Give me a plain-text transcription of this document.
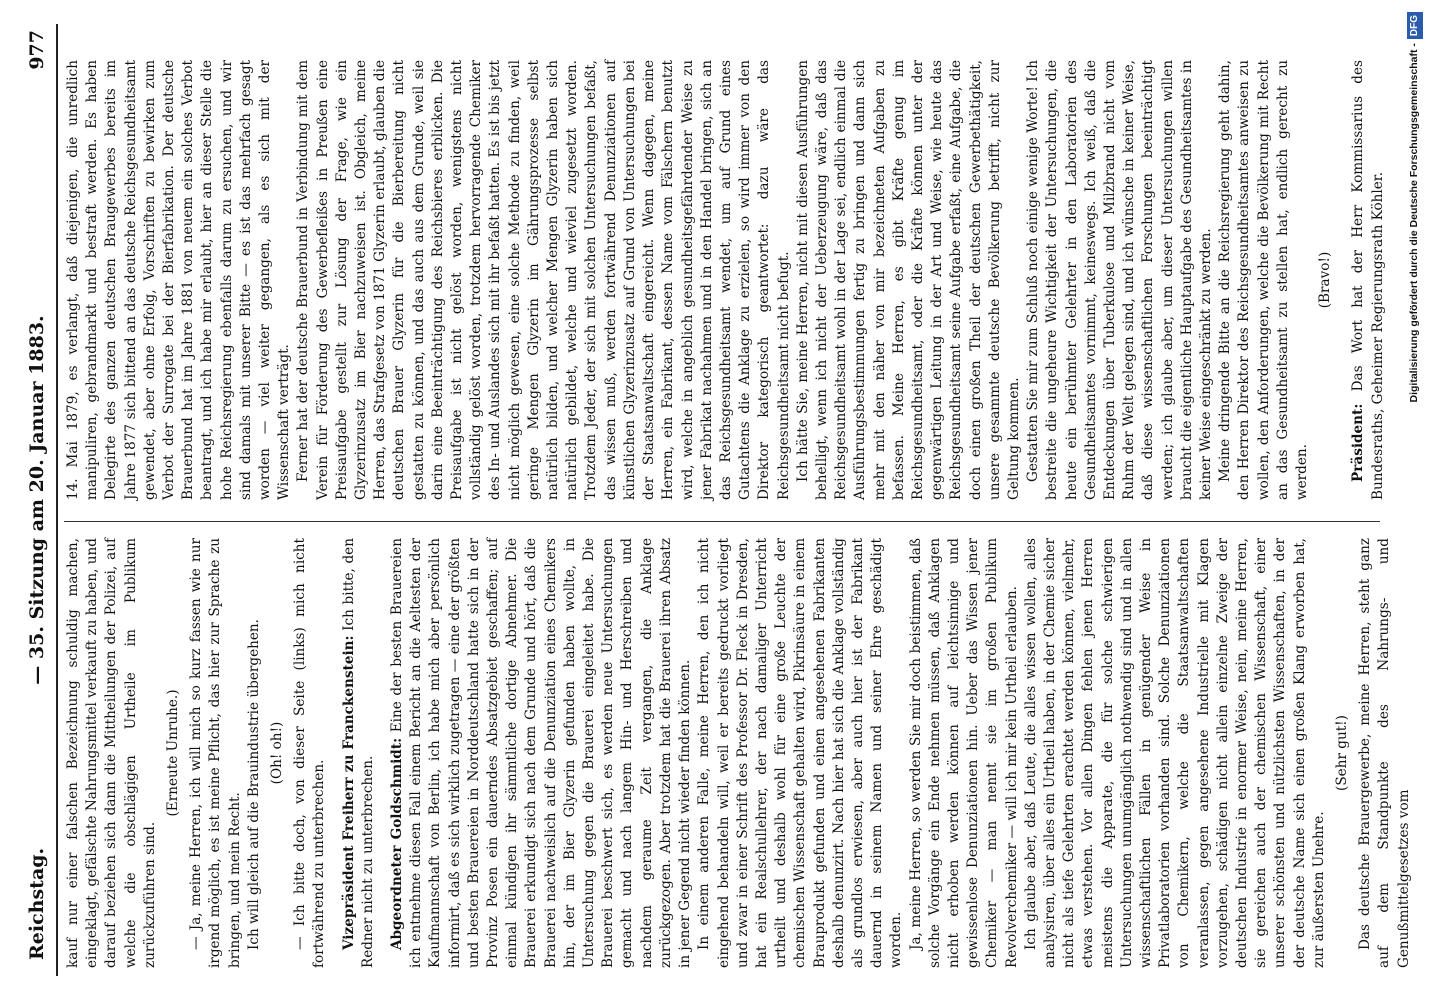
Reichstag.
— 35. Sitzung am 20. Januar 1883.
977

kauf nur einer falschen Bezeichnung schuldig machen, eingeklagt, gefälschte Nahrungsmittel verkauft zu haben, und darauf beziehen sich dann die Mittheilungen der Polizei, auf welche die obschlägigen Urtheile im Publikum zurückzuführen sind.

(Erneute Unruhe.) — Ja, meine Herren, ich will mich so kurz fassen wie nur irgend möglich, es ist meine Pflicht, das hier zur Sprache zu bringen, und mein Recht. Ich will gleich auf die Brauindustrie übergehen. (Oh! oh!) — Ich bitte doch, von dieser Seite (links) mich nicht fortwährend zu unterbrechen. Vizepräsident Freiherr zu Franckenstein: Ich bitte, den Redner nicht zu unterbrechen. Abgeordneter Goldschmidt: Eine der besten Brauereien ich entnehme diesen Fall einem Bericht an die Aeltesten der Kaufmannschaft von Berlin, ich habe mich aber persönlich informirt, daß es sich wirklich zugetragen — eine der größten und besten Brauereien in Norddeutschland hatte sich in der Provinz Posen ein dauerndes Absatzgebiet geschaffen; auf einmal kündigen ihr sämmtliche dortige Abnehmer. Die Brauerei erkundigt sich nach dem Grunde und hört, daß die Brauerei nachweislich auf die Denunziation eines Chemikers hin, der im Bier Glyzerin gefunden haben wollte, in Untersuchung gegen die Brauerei eingeleitet habe. Die Brauerei beschwert sich, es werden neue Untersuchungen gemacht und nach langem Hin- und Herschreiben und nachdem geraume Zeit vergangen, die Anklage zurückgezogen. Aber trotzdem hat die Brauerei ihren Absatz in jener Gegend nicht wieder finden können. In einem anderen Falle, meine Herren, den ich nicht eingehend behandeln will, weil er bereits gedruckt vorliegt und zwar in einer Schrift des Professor Dr. Fleck in Dresden, hat ein Realschullehrer, der nach damaliger Unterricht urtheilt und deshalb wohl für eine große Leuchte der chemischen Wissenschaft gehalten wird, Pikrinsäure in einem Brauprodukt gefunden und einen angesehenen Fabrikanten deshalb denunzirt. Nach hier hat sich die Anklage vollständig als grundlos erwiesen, aber auch hier ist der Fabrikant dauernd in seinem Namen und seiner Ehre geschädigt worden. Ja, meine Herren, so werden Sie mir doch beistimmen, daß solche Vorgänge ein Ende nehmen müssen, daß Anklagen nicht erhoben werden können auf leichtsinnige und gewissenlose Denunziationen hin. Ueber das Wissen jener Chemiker — man nennt sie im großen Publikum Revolverchemiker — will ich mir kein Urtheil erlauben. Ich glaube aber, daß Leute, die alles wissen wollen, alles analysiren, über alles ein Urtheil haben, in der Chemie sicher nicht als tiefe Gelehrten erachtet werden können, vielmehr, etwas verstehen. Vor allen Dingen fehlen jenen Herren meistens die Apparate, die für solche schwierigen Untersuchungen unumgänglich nothwendig sind und in allen wissenschaftlichen Fällen in genügender Weise in Privatlaboratorien vorhanden sind. Solche Denunziationen von Chemikern, welche die Staatsanwaltschaften veranlassen, gegen angesehene Industrielle mit Klagen vorzugehen, schädigen nicht allein einzelne Zweige der deutschen Industrie in enormer Weise, nein, meine Herren, sie gereichen auch der chemischen Wissenschaft, einer unserer schönsten und nützlichsten Wissenschaften, in der der deutsche Name sich einen großen Klang erworben hat, zur äußersten Unehre.

(Sehr gut!) Das deutsche Brauergewerbe, meine Herren, steht ganz auf dem Standpunkte des Nahrungs- und Genußmittelgesetzes vom

14. Mai 1879, es verlangt, daß diejenigen, die unredlich manipuliren, gebrandmarkt und bestraft werden. Es haben Delegirte des ganzen deutschen Braugewerbes bereits im Jahre 1877 sich bittend an das deutsche Reichsgesundheitsamt gewendet, aber ohne Erfolg, Vorschriften zu bewirken zum Verbot der Surrogate bei der Bierfabrikation. Der deutsche Brauerbund hat im Jahre 1881 von neuem ein solches Verbot beantragt, und ich habe mir erlaubt, hier an dieser Stelle die hohe Reichsregierung ebenfalls darum zu ersuchen, und wir sind damals mit unserer Bitte — es ist das mehrfach gesagt worden — viel weiter gegangen, als es sich mit der Wissenschaft verträgt. Ferner hat der deutsche Brauerbund in Verbindung mit dem Verein für Förderung des Gewerbefleißes in Preußen eine Preisaufgabe gestellt zur Lösung der Frage, wie ein Glyzerinzusatz im Bier nachzuweisen ist. Obgleich, meine Herren, das Strafgesetz von 1871 Glyzerin erlaubt, glauben die deutschen Brauer Glyzerin für die Bierbereitung nicht gestatten zu können, und das auch aus dem Grunde, weil sie darin eine Beeinträchtigung des Reichsbieres erblicken. Die Preisaufgabe ist nicht gelöst worden, wenigstens nicht vollständig gelöst worden, trotzdem hervorragende Chemiker des In- und Auslandes sich mit ihr befaßt hatten. Es ist bis jetzt nicht möglich gewesen, eine solche Methode zu finden, weil geringe Mengen Glyzerin im Gährungsprozesse selbst natürlich bilden, und welcher Mengen Glyzerin haben sich natürlich gebildet, welche und wieviel zugesetzt worden. Trotzdem Jeder, der sich mit solchen Untersuchungen befaßt, das wissen muß, werden fortwährend Denunziationen auf künstlichen Glyzerinzusatz auf Grund von Untersuchungen bei der Staatsanwaltschaft eingereicht. Wenn dagegen, meine Herren, ein Fabrikant, dessen Name vom Fälschern benutzt wird, welche in angeblich gesundheitsgefährdender Weise zu jener Fabrikat nachahmen und in den Handel bringen, sich an das Reichsgesundheitsamt wendet, um auf Grund eines Gutachtens die Anklage zu erzielen, so wird immer von den Direktor kategorisch geantwortet: dazu wäre das Reichsgesundheitsamt nicht befugt. Ich hätte Sie, meine Herren, nicht mit diesen Ausführungen behelligt, wenn ich nicht der Ueberzeugung wäre, daß das Reichsgesundheitsamt wohl in der Lage sei, endlich einmal die Ausführungsbestimmungen fertig zu bringen und dann sich mehr mit den näher von mir bezeichneten Aufgaben zu befassen. Meine Herren, es gibt Kräfte genug im Reichsgesundheitsamt, oder die Kräfte können unter der gegenwärtigen Leitung in der Art und Weise, wie heute das Reichsgesundheitsamt seine Aufgabe erfaßt, eine Aufgabe, die doch einen großen Theil der deutschen Gewerbethätigkeit, unsere gesammte deutsche Bevölkerung betrifft, nicht zur Geltung kommen. Gestatten Sie mir zum Schluß noch einige wenige Worte! Ich bestreite die ungeheure Wichtigkeit der Untersuchungen, die heute ein berühmter Gelehrter in den Laboratorien des Gesundheitsamtes vornimmt, keineswegs. Ich weiß, daß die Entdeckungen über Tuberkulose und Milzbrand nicht vom Ruhm der Welt gelegen sind, und ich wünsche in keiner Weise, daß diese wissenschaftlichen Forschungen beeinträchtigt werden; ich glaube aber, um dieser Untersuchungen willen braucht die eigentliche Hauptaufgabe des Gesundheitsamtes in keiner Weise eingeschränkt zu werden. Meine dringende Bitte an die Reichsregierung geht dahin, den Herren Direktor des Reichsgesundheitsamtes anweisen zu wollen, den Anforderungen, welche die Bevölkerung mit Recht an das Gesundheitsamt zu stellen hat, endlich gerecht zu werden.

(Bravo!)

Präsident: Das Wort hat der Herr Kommissarius des Bundesraths, Geheimer Regierungsrath Köhler.	Digitalisierung gefördert durch die Deutsche Forschungsgemeinschaft -DFG
